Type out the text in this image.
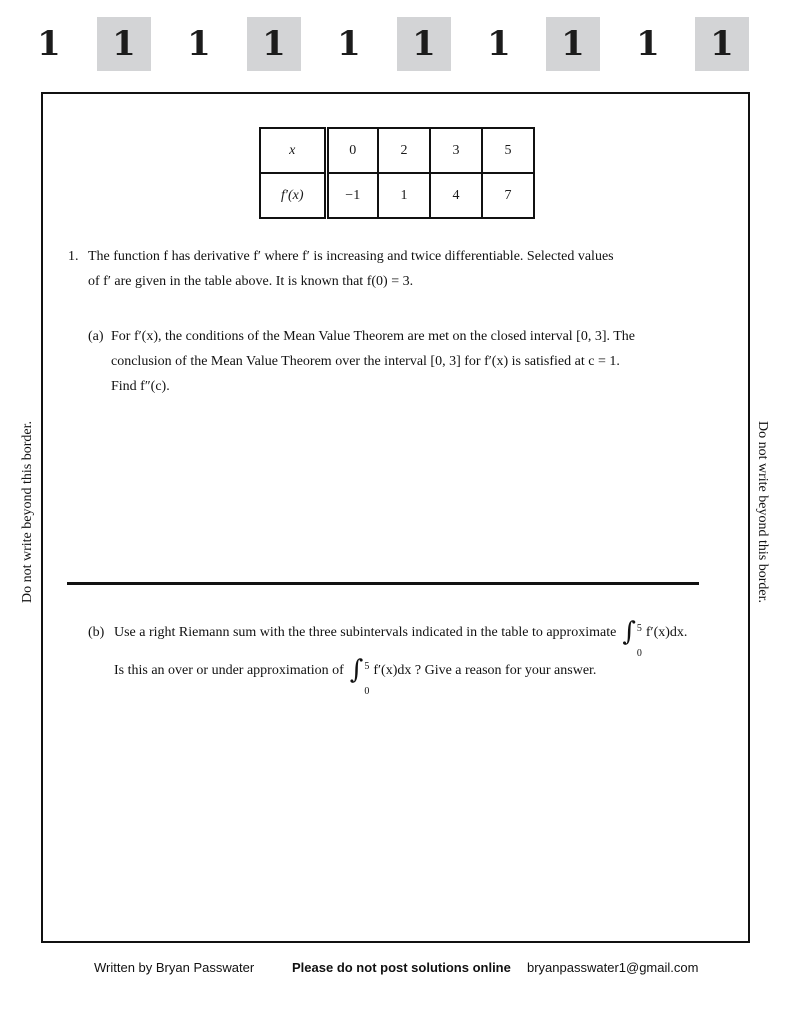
1	1	1	1	1	1	1	1	1	1
Do not write beyond this border.	Do not write beyond this border.
x	0	2	3	5
f′(x)	−1	1	4	7
1. The function f has derivative f′ where f′ is increasing and twice differentiable. Selected values
of f′ are given in the table above. It is known that f(0) = 3.
(a) For f′(x), the conditions of the Mean Value Theorem are met on the closed interval [0, 3]. The
conclusion of the Mean Value Theorem over the interval [0, 3] for f′(x) is satisfied at c = 1.
Find f″(c).
(b) Use a right Riemann sum with the three subintervals indicated in the table to approximate ∫ 5
0
f′(x)dx.
Is this an over or under approximation of ∫ 5
0
f′(x)dx ? Give a reason for your answer.
Written by Bryan Passwater	Please do not post solutions online bryanpasswater1@gmail.com
